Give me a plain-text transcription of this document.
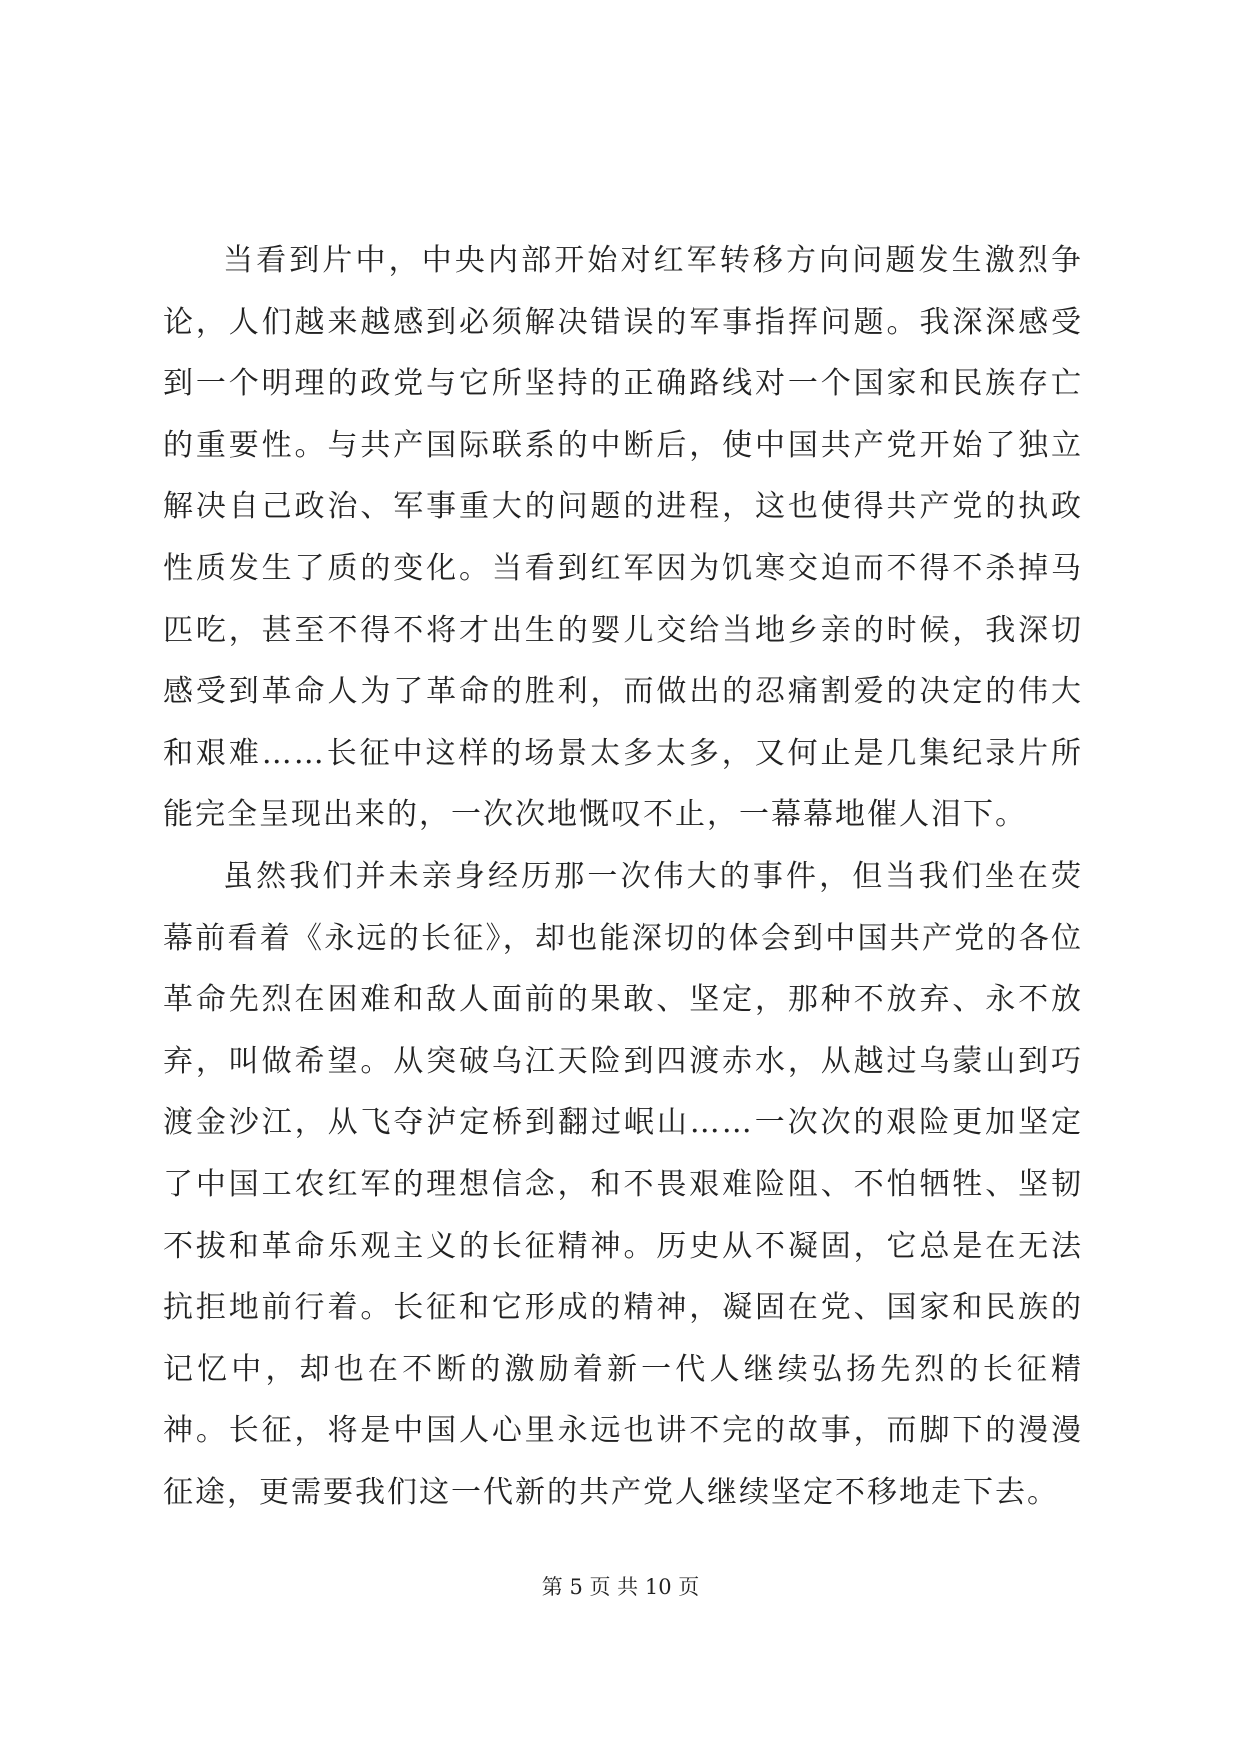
当看到片中，中央内部开始对红军转移方向问题发生激烈争论，人们越来越感到必须解决错误的军事指挥问题。我深深感受到一个明理的政党与它所坚持的正确路线对一个国家和民族存亡的重要性。与共产国际联系的中断后，使中国共产党开始了独立解决自己政治、军事重大的问题的进程，这也使得共产党的执政性质发生了质的变化。当看到红军因为饥寒交迫而不得不杀掉马匹吃，甚至不得不将才出生的婴儿交给当地乡亲的时候，我深切感受到革命人为了革命的胜利，而做出的忍痛割爱的决定的伟大和艰难……长征中这样的场景太多太多，又何止是几集纪录片所能完全呈现出来的，一次次地慨叹不止，一幕幕地催人泪下。

虽然我们并未亲身经历那一次伟大的事件，但当我们坐在荧幕前看着《永远的长征》，却也能深切的体会到中国共产党的各位革命先烈在困难和敌人面前的果敢、坚定，那种不放弃、永不放弃，叫做希望。从突破乌江天险到四渡赤水，从越过乌蒙山到巧渡金沙江，从飞夺泸定桥到翻过岷山……一次次的艰险更加坚定了中国工农红军的理想信念，和不畏艰难险阻、不怕牺牲、坚韧不拔和革命乐观主义的长征精神。历史从不凝固，它总是在无法抗拒地前行着。长征和它形成的精神，凝固在党、国家和民族的记忆中，却也在不断的激励着新一代人继续弘扬先烈的长征精神。长征，将是中国人心里永远也讲不完的故事，而脚下的漫漫征途，更需要我们这一代新的共产党人继续坚定不移地走下去。

第 5 页 共 10 页
